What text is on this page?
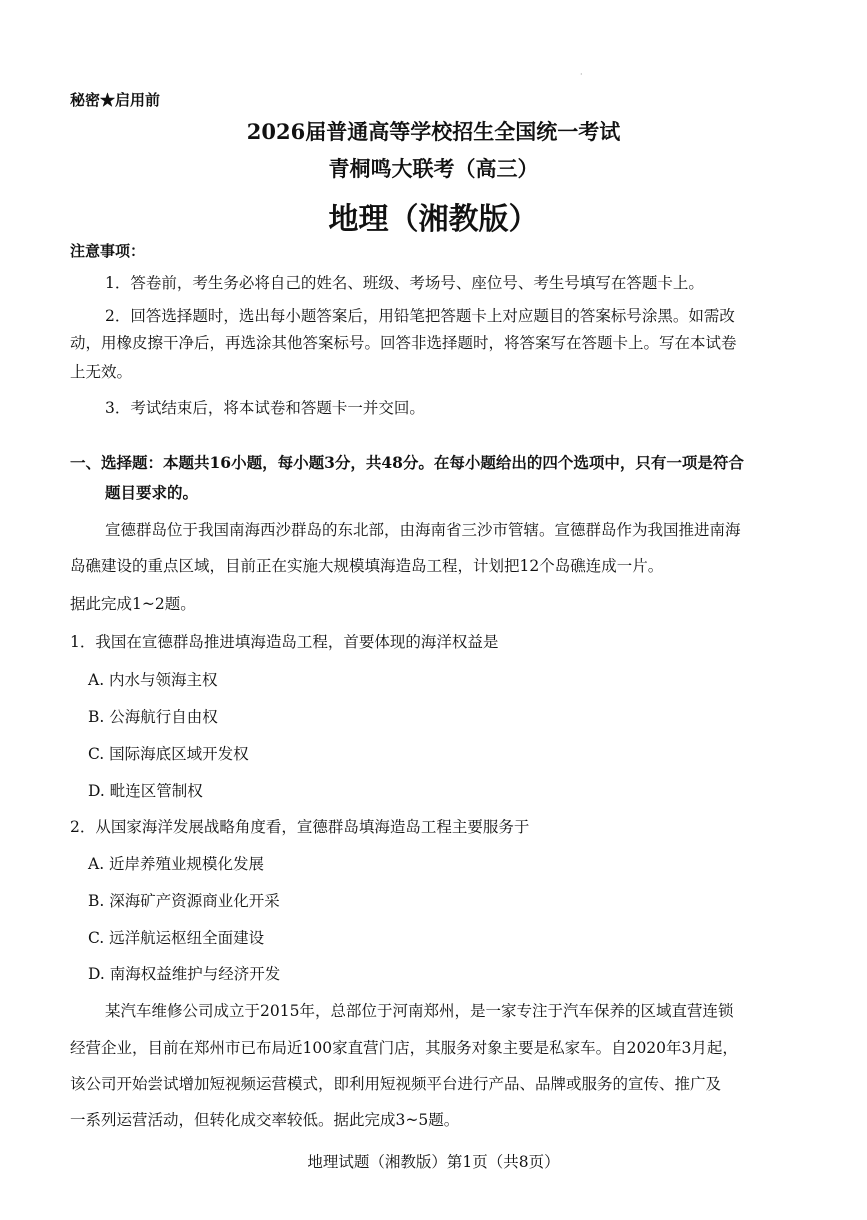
·
秘密★启用前
2026届普通高等学校招生全国统一考试
青桐鸣大联考（高三）
地理（湘教版）
注意事项：
1．答卷前，考生务必将自己的姓名、班级、考场号、座位号、考生号填写在答题卡上。
2．回答选择题时，选出每小题答案后，用铅笔把答题卡上对应题目的答案标号涂黑。如需改
动，用橡皮擦干净后，再选涂其他答案标号。回答非选择题时，将答案写在答题卡上。写在本试卷
上无效。
3．考试结束后，将本试卷和答题卡一并交回。
一、选择题：本题共16小题，每小题3分，共48分。在每小题给出的四个选项中，只有一项是符合
题目要求的。
宣德群岛位于我国南海西沙群岛的东北部，由海南省三沙市管辖。宣德群岛作为我国推进南海
岛礁建设的重点区域，目前正在实施大规模填海造岛工程，计划把12个岛礁连成一片。
据此完成1~2题。
1．我国在宣德群岛推进填海造岛工程，首要体现的海洋权益是
A. 内水与领海主权
B. 公海航行自由权
C. 国际海底区域开发权
D. 毗连区管制权
2．从国家海洋发展战略角度看，宣德群岛填海造岛工程主要服务于
A. 近岸养殖业规模化发展
B. 深海矿产资源商业化开采
C. 远洋航运枢纽全面建设
D. 南海权益维护与经济开发
某汽车维修公司成立于2015年，总部位于河南郑州，是一家专注于汽车保养的区域直营连锁
经营企业，目前在郑州市已布局近100家直营门店，其服务对象主要是私家车。自2020年3月起，
该公司开始尝试增加短视频运营模式，即利用短视频平台进行产品、品牌或服务的宣传、推广及
一系列运营活动，但转化成交率较低。据此完成3~5题。
地理试题（湘教版）第1页（共8页）
